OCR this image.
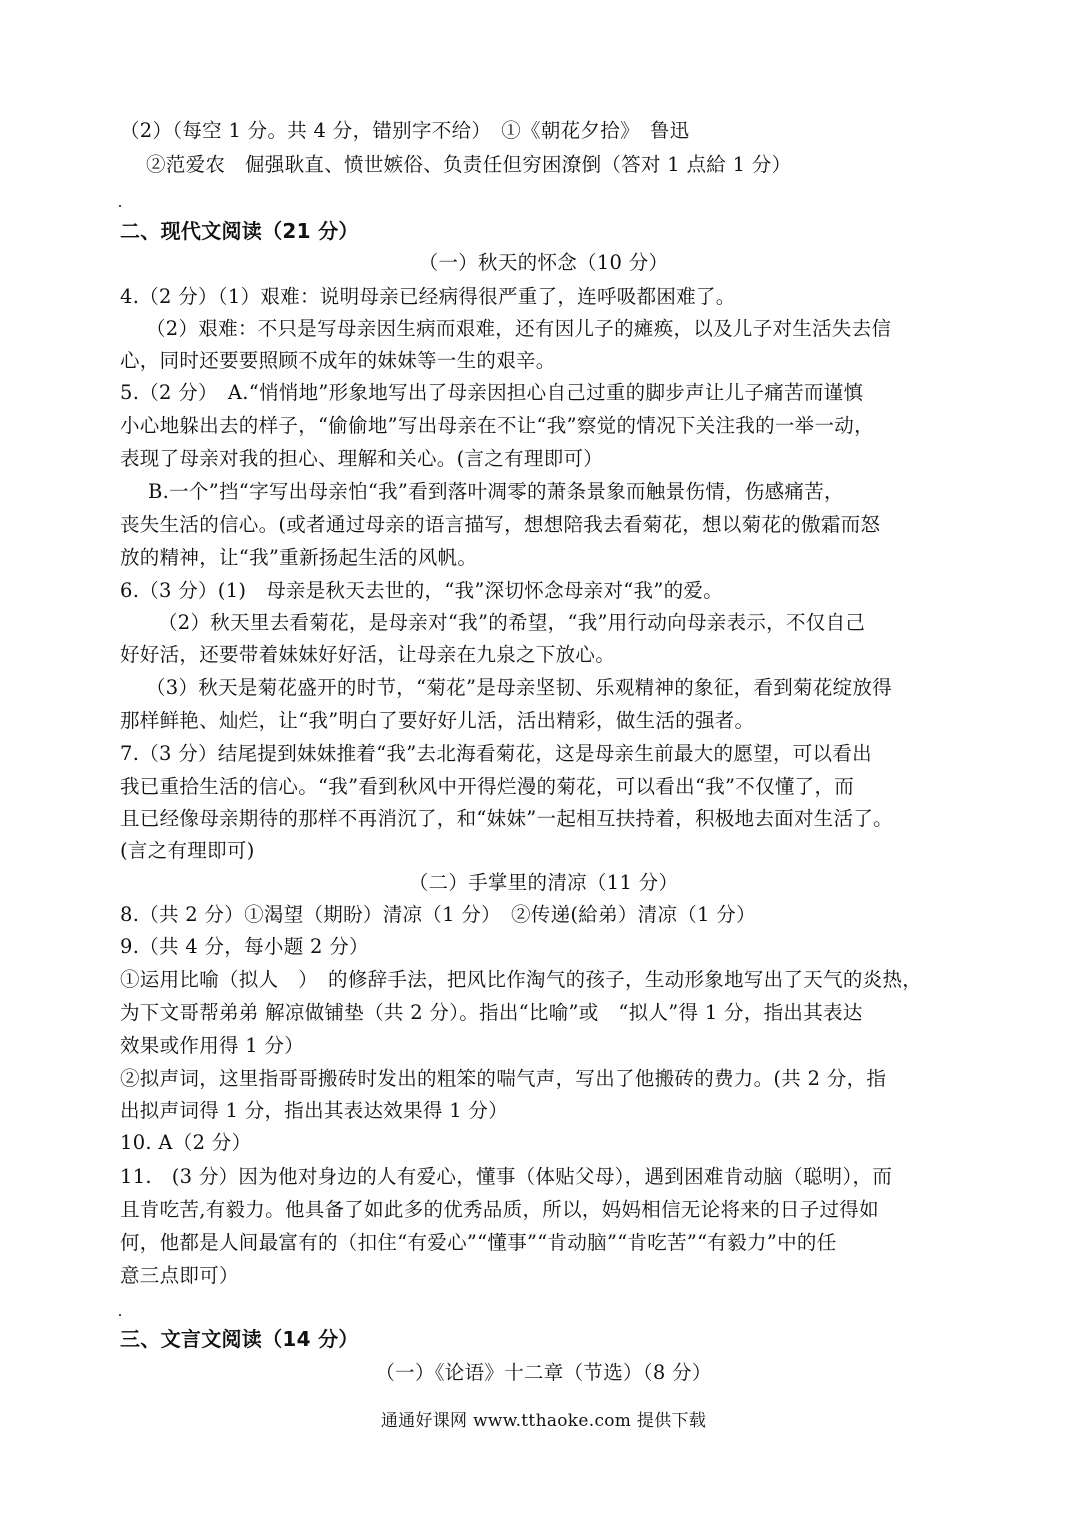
（2）（每空 1 分。共 4 分，错别字不给）　①《朝花夕拾》　鲁迅
②范爱农　倔强耿直、愤世嫉俗、负责任但穷困潦倒（答对 1 点給 1 分）
二、现代文阅读（21 分）
（一）秋天的怀念（10 分）
4.（2 分）（1）艰难：说明母亲已经病得很严重了，连呼吸都困难了。
（2）艰难：不只是写母亲因生病而艰难，还有因儿子的瘫痪，以及儿子对生活失去信
心，同时还要要照顾不成年的妹妹等一生的艰辛。
5.（2 分）　A.“悄悄地”形象地写出了母亲因担心自己过重的脚步声让儿子痛苦而谨慎
小心地躲出去的样子，“偷偷地”写出母亲在不让“我”察觉的情况下关注我的一举一动，
表现了母亲对我的担心、理解和关心。(言之有理即可）
B.一个”挡“字写出母亲怕“我”看到落叶凋零的萧条景象而触景伤情，伤感痛苦，
丧失生活的信心。(或者通过母亲的语言描写，想想陪我去看菊花，想以菊花的傲霜而怒
放的精神，让“我”重新扬起生活的风帆。
6.（3 分）(1)　母亲是秋天去世的，“我”深切怀念母亲对“我”的爱。
（2）秋天里去看菊花，是母亲对“我”的希望，“我”用行动向母亲表示，不仅自己
好好活，还要带着妹妹好好活，让母亲在九泉之下放心。
（3）秋天是菊花盛开的时节，“菊花”是母亲坚韧、乐观精神的象征，看到菊花绽放得
那样鲜艳、灿烂，让“我”明白了要好好儿活，活出精彩，做生活的强者。
7.（3 分）结尾提到妹妹推着“我”去北海看菊花，这是母亲生前最大的愿望，可以看出
我已重拾生活的信心。“我”看到秋风中开得烂漫的菊花，可以看出“我”不仅懂了，而
且已经像母亲期待的那样不再消沉了，和“妹妹”一起相互扶持着，积极地去面对生活了。
(言之有理即可)
（二）手掌里的清凉（11 分）
8.（共 2 分）①渴望（期盼）清凉（1 分）　②传递(給弟）清凉（1 分）
9.（共 4 分，每小题 2 分）
①运用比喻（拟人　）　的修辞手法，把风比作淘气的孩子，生动形象地写出了天气的炎热，
为下文哥帮弟弟 解凉做铺垫（共 2 分）。指出“比喻”或　“拟人”得 1 分，指出其表达
效果或作用得 1 分）
②拟声词，这里指哥哥搬砖时发出的粗笨的喘气声，写出了他搬砖的费力。(共 2 分，指
出拟声词得 1 分，指出其表达效果得 1 分）
10. A（2 分）
11.　(3 分）因为他对身边的人有爱心，懂事（体贴父母），遇到困难肯动脑（聪明），而
且肯吃苦,有毅力。他具备了如此多的优秀品质，所以，妈妈相信无论将来的日子过得如
何，他都是人间最富有的（扣住“有爱心”“懂事”“肯动脑”“肯吃苦”“有毅力”中的任
意三点即可）
三、文言文阅读（14 分）
（一）《论语》十二章（节选）（8 分）
通通好课网 www.tthaoke.com 提供下载
